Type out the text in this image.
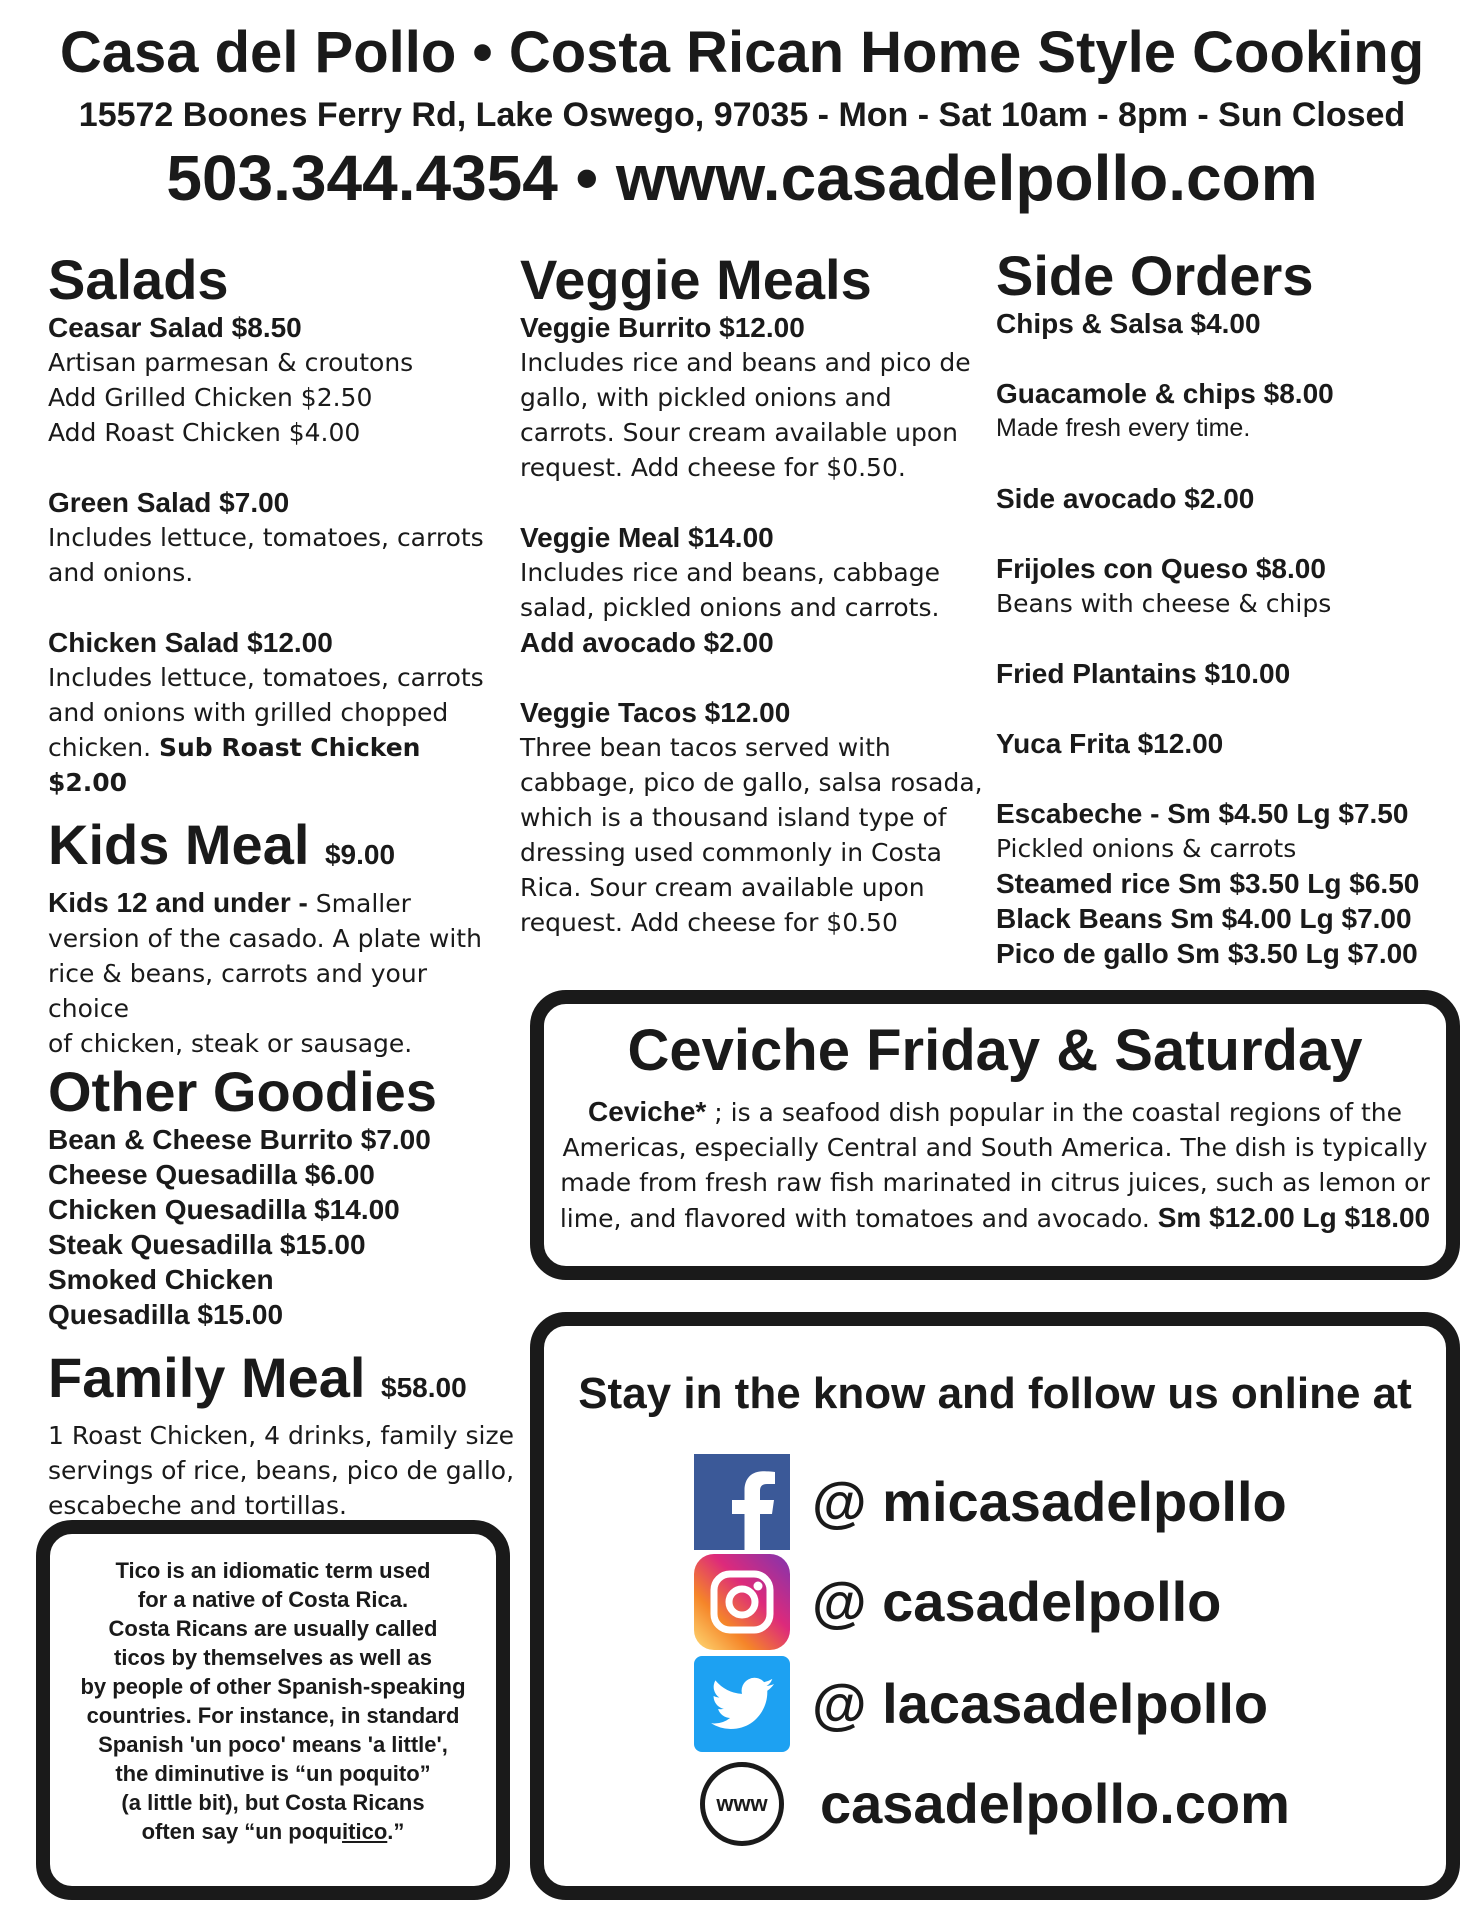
Casa del Pollo • Costa Rican Home Style Cooking
15572 Boones Ferry Rd, Lake Oswego, 97035 - Mon - Sat 10am - 8pm - Sun Closed
503.344.4354 • www.casadelpollo.com
Salads
Ceasar Salad $8.50
Artisan parmesan & croutons
Add Grilled Chicken $2.50
Add Roast Chicken $4.00
Green Salad $7.00
Includes lettuce, tomatoes, carrots
and onions.
Chicken Salad $12.00
Includes lettuce, tomatoes, carrots
and onions with grilled chopped
chicken. Sub Roast Chicken $2.00
Kids Meal $9.00
Kids 12 and under - Smaller
version of the casado. A plate with
rice & beans, carrots and your choice
of chicken, steak or sausage.
Other Goodies
Bean & Cheese Burrito $7.00
Cheese Quesadilla $6.00
Chicken Quesadilla $14.00
Steak Quesadilla $15.00
Smoked Chicken
Quesadilla $15.00
Family Meal $58.00
1 Roast Chicken, 4 drinks, family size
servings of rice, beans, pico de gallo,
escabeche and tortillas.
Tico is an idiomatic term used
for a native of Costa Rica.
Costa Ricans are usually called
ticos by themselves as well as
by people of other Spanish-speaking
countries. For instance, in standard
Spanish 'un poco' means 'a little',
the diminutive is “un poquito”
(a little bit), but Costa Ricans
often say “un poquitico.”
Veggie Meals
Veggie Burrito $12.00
Includes rice and beans and pico de
gallo, with pickled onions and
carrots. Sour cream available upon
request. Add cheese for $0.50.
Veggie Meal $14.00
Includes rice and beans, cabbage
salad, pickled onions and carrots.
Add avocado $2.00
Veggie Tacos $12.00
Three bean tacos served with
cabbage, pico de gallo, salsa rosada,
which is a thousand island type of
dressing used commonly in Costa
Rica. Sour cream available upon
request. Add cheese for $0.50
Side Orders
Chips & Salsa $4.00
Guacamole & chips $8.00
Made fresh every time.
Side avocado $2.00
Frijoles con Queso $8.00
Beans with cheese & chips
Fried Plantains $10.00
Yuca Frita $12.00
Escabeche - Sm $4.50 Lg $7.50
Pickled onions & carrots
Steamed rice Sm $3.50 Lg $6.50
Black Beans Sm $4.00 Lg $7.00
Pico de gallo Sm $3.50 Lg $7.00
Ceviche Friday & Saturday
Ceviche* ; is a seafood dish popular in the coastal regions of the
Americas, especially Central and South America. The dish is typically
made from fresh raw fish marinated in citrus juices, such as lemon or
lime, and flavored with tomatoes and avocado. Sm $12.00 Lg $18.00
Stay in the know and follow us online at
@ micasadelpollo
@ casadelpollo
@ lacasadelpollo
www casadelpollo.com
